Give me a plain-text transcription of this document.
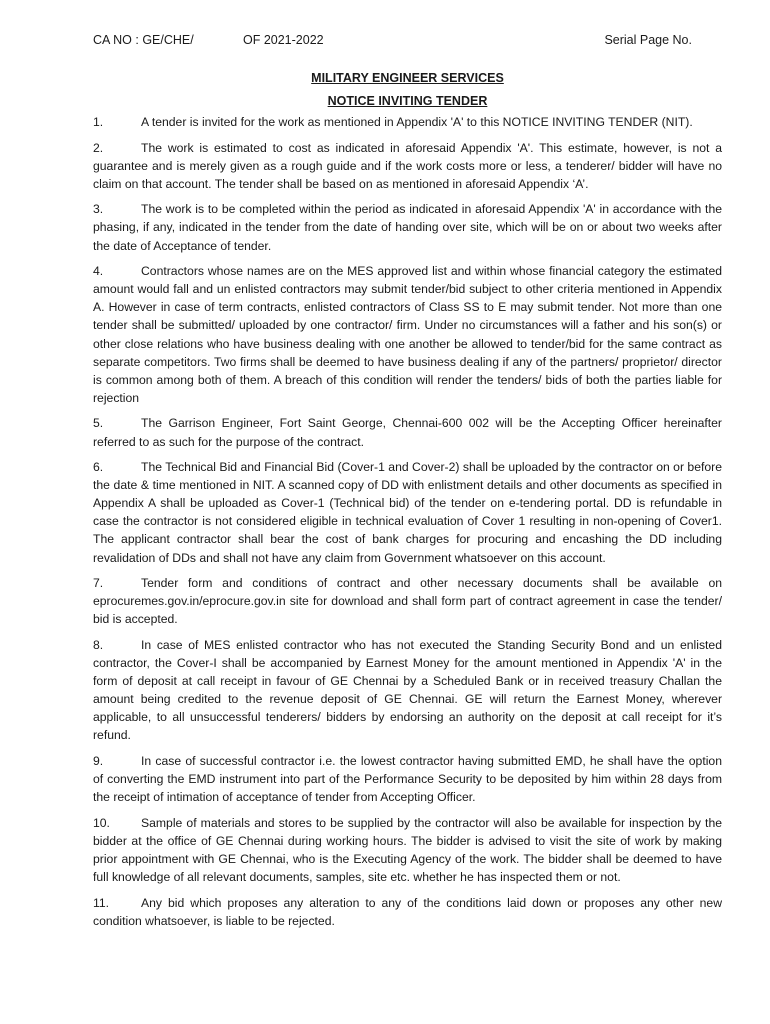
CA NO : GE/CHE/	OF 2021-2022	Serial Page No.
MILITARY ENGINEER SERVICES
NOTICE INVITING TENDER

1.	A tender is invited for the work as mentioned in Appendix 'A' to this NOTICE INVITING TENDER (NIT).

2.	The work is estimated to cost as indicated in aforesaid Appendix 'A'. This estimate, however, is not a guarantee and is merely given as a rough guide and if the work costs more or less, a tenderer/ bidder will have no claim on that account. The tender shall be based on as mentioned in aforesaid Appendix ‘A’.

3.	The work is to be completed within the period as indicated in aforesaid Appendix 'A' in accordance with the phasing, if any, indicated in the tender from the date of handing over site, which will be on or about two weeks after the date of Acceptance of tender.

4.	Contractors whose names are on the MES approved list and within whose financial category the estimated amount would fall and un enlisted contractors may submit tender/bid subject to other criteria mentioned in Appendix A. However in case of term contracts, enlisted contractors of Class SS to E may submit tender. Not more than one tender shall be submitted/ uploaded by one contractor/ firm. Under no circumstances will a father and his son(s) or other close relations who have business dealing with one another be allowed to tender/bid for the same contract as separate competitors. Two firms shall be deemed to have business dealing if any of the partners/ proprietor/ director is common among both of them. A breach of this condition will render the tenders/ bids of both the parties liable for rejection

5.	The Garrison Engineer, Fort Saint George, Chennai-600 002 will be the Accepting Officer hereinafter referred to as such for the purpose of the contract.

6.	The Technical Bid and Financial Bid (Cover-1 and Cover-2) shall be uploaded by the contractor on or before the date & time mentioned in NIT. A scanned copy of DD with enlistment details and other documents as specified in Appendix A shall be uploaded as Cover-1 (Technical bid) of the tender on e-tendering portal. DD is refundable in case the contractor is not considered eligible in technical evaluation of Cover 1 resulting in non-opening of Cover1. The applicant contractor shall bear the cost of bank charges for procuring and encashing the DD including revalidation of DDs and shall not have any claim from Government whatsoever on this account.

7.	Tender form and conditions of contract and other necessary documents shall be available on eprocuremes.gov.in/eprocure.gov.in site for download and shall form part of contract agreement in case the tender/ bid is accepted.

8.	In case of MES enlisted contractor who has not executed the Standing Security Bond and un enlisted contractor, the Cover-I shall be accompanied by Earnest Money for the amount mentioned in Appendix 'A' in the form of deposit at call receipt in favour of GE Chennai by a Scheduled Bank or in received treasury Challan the amount being credited to the revenue deposit of GE Chennai. GE will return the Earnest Money, wherever applicable, to all unsuccessful tenderers/ bidders by endorsing an authority on the deposit at call receipt for it’s refund.

9.	In case of successful contractor i.e. the lowest contractor having submitted EMD, he shall have the option of converting the EMD instrument into part of the Performance Security to be deposited by him within 28 days from the receipt of intimation of acceptance of tender from Accepting Officer.

10.	Sample of materials and stores to be supplied by the contractor will also be available for inspection by the bidder at the office of GE Chennai during working hours. The bidder is advised to visit the site of work by making prior appointment with GE Chennai, who is the Executing Agency of the work. The bidder shall be deemed to have full knowledge of all relevant documents, samples, site etc. whether he has inspected them or not.

11.	Any bid which proposes any alteration to any of the conditions laid down or proposes any other new condition whatsoever, is liable to be rejected.
